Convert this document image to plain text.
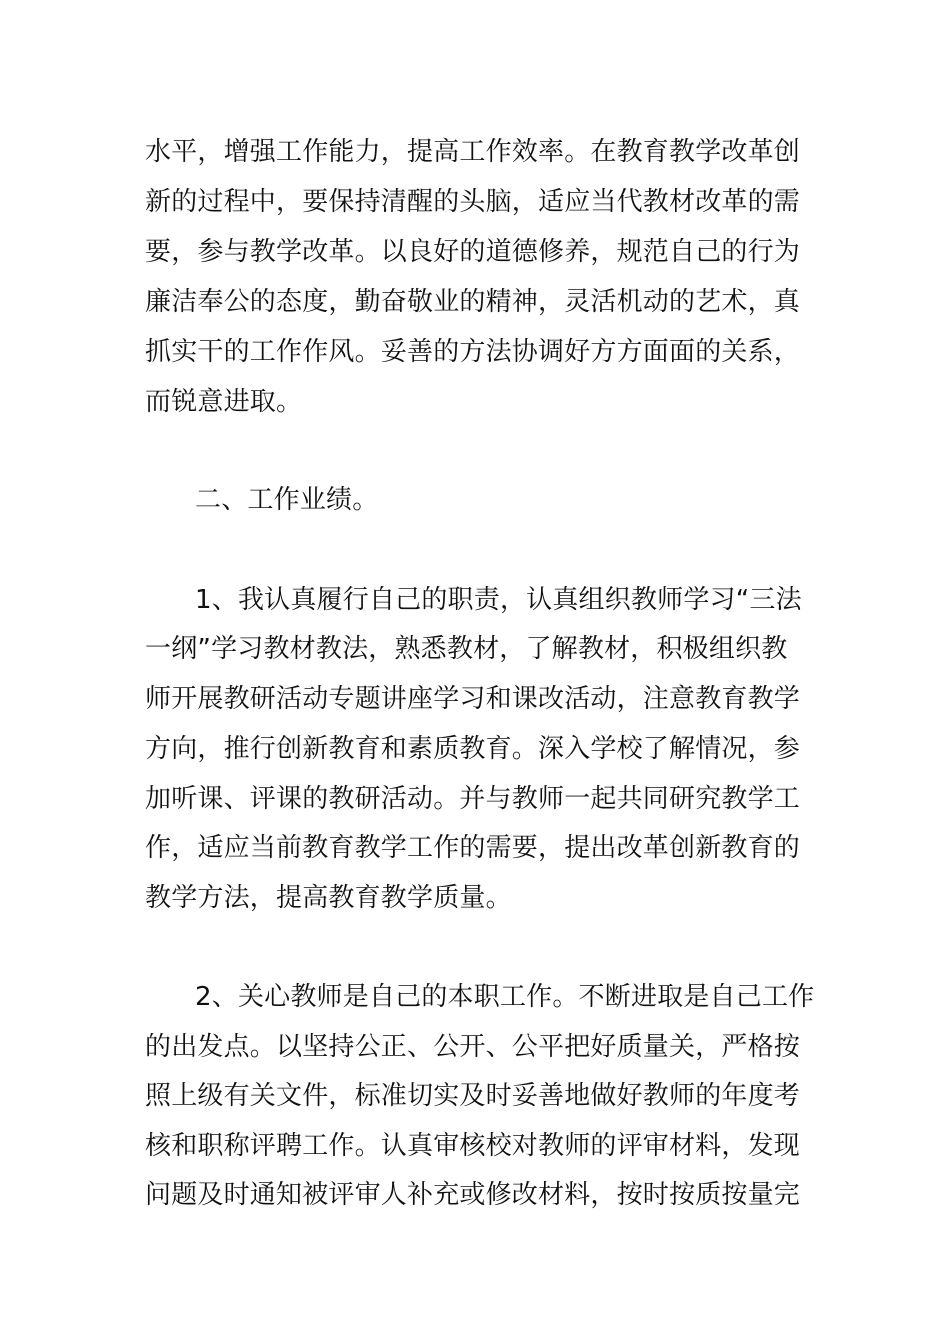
水平，增强工作能力，提高工作效率。在教育教学改革创
新的过程中，要保持清醒的头脑，适应当代教材改革的需
要，参与教学改革。以良好的道德修养，规范自己的行为
廉洁奉公的态度，勤奋敬业的精神，灵活机动的艺术，真
抓实干的工作作风。妥善的方法协调好方方面面的关系，
而锐意进取。
二、工作业绩。
1、我认真履行自己的职责，认真组织教师学习“三法
一纲”学习教材教法，熟悉教材，了解教材，积极组织教
师开展教研活动专题讲座学习和课改活动，注意教育教学
方向，推行创新教育和素质教育。深入学校了解情况，参
加听课、评课的教研活动。并与教师一起共同研究教学工
作，适应当前教育教学工作的需要，提出改革创新教育的
教学方法，提高教育教学质量。
2、关心教师是自己的本职工作。不断进取是自己工作
的出发点。以坚持公正、公开、公平把好质量关，严格按
照上级有关文件，标准切实及时妥善地做好教师的年度考
核和职称评聘工作。认真审核校对教师的评审材料，发现
问题及时通知被评审人补充或修改材料，按时按质按量完
